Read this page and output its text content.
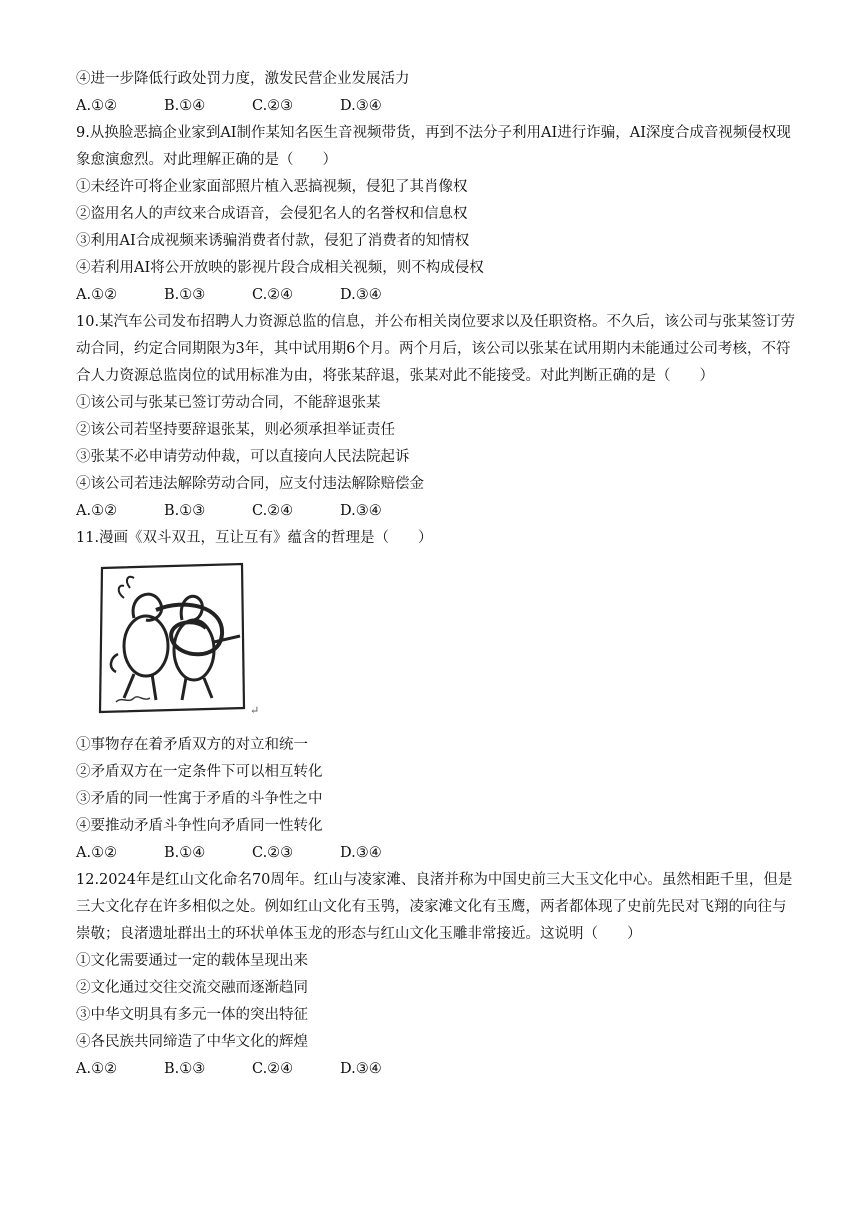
④进一步降低行政处罚力度，激发民营企业发展活力
A.①②	B.①④	C.②③	D.③④
9.从换脸恶搞企业家到AI制作某知名医生音视频带货，再到不法分子利用AI进行诈骗，AI深度合成音视频侵权现象愈演愈烈。对此理解正确的是（　　）
①未经许可将企业家面部照片植入恶搞视频，侵犯了其肖像权
②盗用名人的声纹来合成语音，会侵犯名人的名誉权和信息权
③利用AI合成视频来诱骗消费者付款，侵犯了消费者的知情权
④若利用AI将公开放映的影视片段合成相关视频，则不构成侵权
A.①②	B.①③	C.②④	D.③④
10.某汽车公司发布招聘人力资源总监的信息，并公布相关岗位要求以及任职资格。不久后，该公司与张某签订劳动合同，约定合同期限为3年，其中试用期6个月。两个月后，该公司以张某在试用期内未能通过公司考核，不符合人力资源总监岗位的试用标准为由，将张某辞退，张某对此不能接受。对此判断正确的是（　　）
①该公司与张某已签订劳动合同，不能辞退张某
②该公司若坚持要辞退张某，则必须承担举证责任
③张某不必申请劳动仲裁，可以直接向人民法院起诉
④该公司若违法解除劳动合同，应支付违法解除赔偿金
A.①②	B.①③	C.②④	D.③④
11.漫画《双斗双丑，互让互有》蕴含的哲理是（　　）
↵
①事物存在着矛盾双方的对立和统一
②矛盾双方在一定条件下可以相互转化
③矛盾的同一性寓于矛盾的斗争性之中
④要推动矛盾斗争性向矛盾同一性转化
A.①②	B.①④	C.②③	D.③④
12.2024年是红山文化命名70周年。红山与凌家滩、良渚并称为中国史前三大玉文化中心。虽然相距千里，但是三大文化存在许多相似之处。例如红山文化有玉鸮，凌家滩文化有玉鹰，两者都体现了史前先民对飞翔的向往与崇敬；良渚遗址群出土的环状单体玉龙的形态与红山文化玉雕非常接近。这说明（　　）
①文化需要通过一定的载体呈现出来
②文化通过交往交流交融而逐渐趋同
③中华文明具有多元一体的突出特征
④各民族共同缔造了中华文化的辉煌
A.①②	B.①③	C.②④	D.③④
